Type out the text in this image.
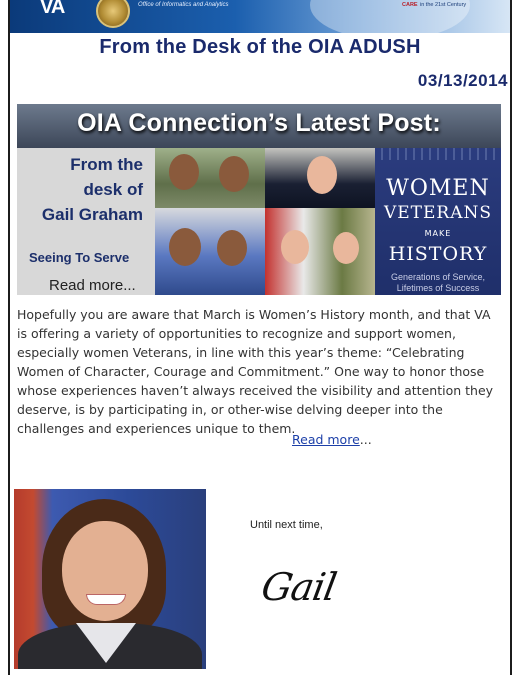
VA	Office of Informatics and Analytics	CARE in the 21st Century
From the Desk of the OIA ADUSH
03/13/2014
OIA Connection’s Latest Post:
From the
desk of
Gail Graham
Seeing To Serve
Read more...
WOMEN
VETERANS
MAKE
HISTORY
Generations of Service, Lifetimes of Success
Hopefully you are aware that March is Women’s History month, and that VA is offering a variety of opportunities to recognize and support women, especially women Veterans, in line with this year’s theme: “Celebrating Women of Character, Courage and Commitment.” One way to honor those whose experiences haven’t always received the visibility and attention they deserve, is by participating in, or other-wise delving deeper into the challenges and experiences unique to them.
Read more...
Until next time,
Gail
